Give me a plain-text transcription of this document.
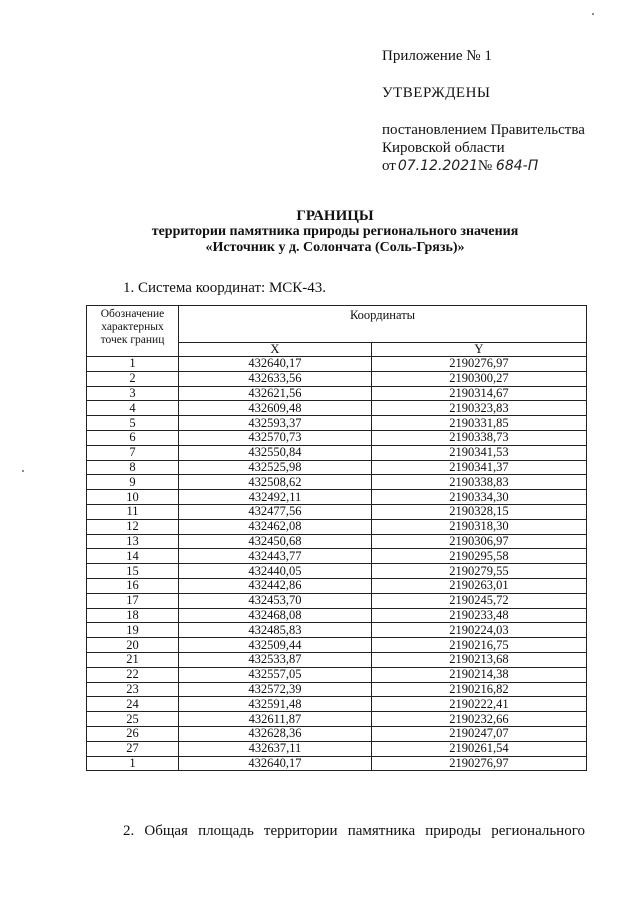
Приложение № 1
УТВЕРЖДЕНЫ
постановлением Правительства
Кировской области
от 07.12.2021№ 684-П
ГРАНИЦЫ
территории памятника природы регионального значения
«Источник у д. Солончата (Соль-Грязь)»
1. Система координат: МСК-43.
Обозначение характерных точек границ	Координаты	
	X	Y
1	432640,17	2190276,97
2	432633,56	2190300,27
3	432621,56	2190314,67
4	432609,48	2190323,83
5	432593,37	2190331,85
6	432570,73	2190338,73
7	432550,84	2190341,53
8	432525,98	2190341,37
9	432508,62	2190338,83
10	432492,11	2190334,30
11	432477,56	2190328,15
12	432462,08	2190318,30
13	432450,68	2190306,97
14	432443,77	2190295,58
15	432440,05	2190279,55
16	432442,86	2190263,01
17	432453,70	2190245,72
18	432468,08	2190233,48
19	432485,83	2190224,03
20	432509,44	2190216,75
21	432533,87	2190213,68
22	432557,05	2190214,38
23	432572,39	2190216,82
24	432591,48	2190222,41
25	432611,87	2190232,66
26	432628,36	2190247,07
27	432637,11	2190261,54
1	432640,17	2190276,97
2. Общая площадь территории памятника природы регионального
